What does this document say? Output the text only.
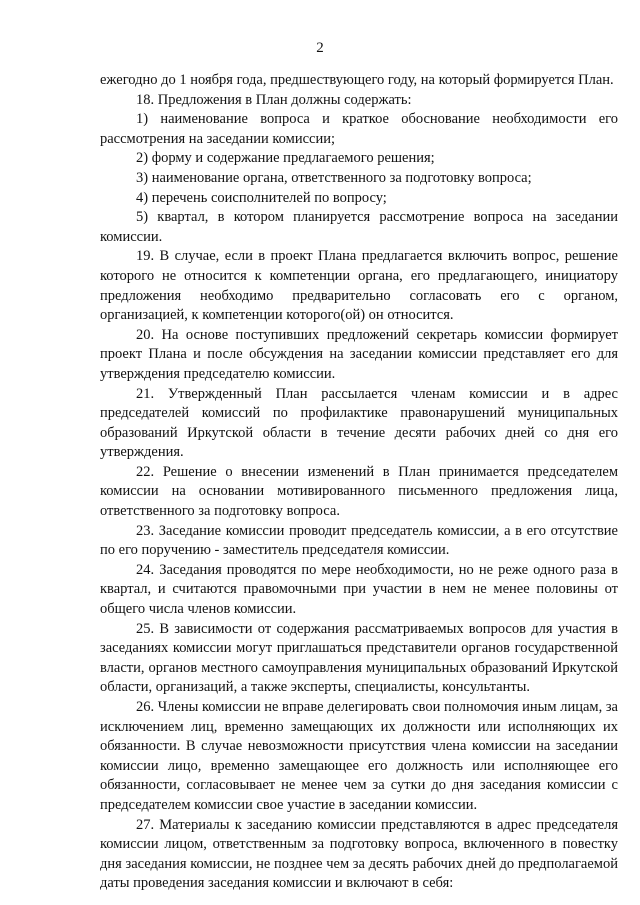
2

ежегодно до 1 ноября года, предшествующего году, на который формируется План.

18. Предложения в План должны содержать:

1) наименование вопроса и краткое обоснование необходимости его рассмотрения на заседании комиссии;

2) форму и содержание предлагаемого решения;

3) наименование органа, ответственного за подготовку вопроса;

4) перечень соисполнителей по вопросу;

5) квартал, в котором планируется рассмотрение вопроса на заседании комиссии.

19. В случае, если в проект Плана предлагается включить вопрос, решение которого не относится к компетенции органа, его предлагающего, инициатору предложения необходимо предварительно согласовать его с органом, организацией, к компетенции которого(ой) он относится.

20. На основе поступивших предложений секретарь комиссии формирует проект Плана и после обсуждения на заседании комиссии представляет его для утверждения председателю комиссии.

21. Утвержденный План рассылается членам комиссии и в адрес председателей комиссий по профилактике правонарушений муниципальных образований Иркутской области в течение десяти рабочих дней со дня его утверждения.

22. Решение о внесении изменений в План принимается председателем комиссии на основании мотивированного письменного предложения лица, ответственного за подготовку вопроса.

23. Заседание комиссии проводит председатель комиссии, а в его отсутствие по его поручению - заместитель председателя комиссии.

24. Заседания проводятся по мере необходимости, но не реже одного раза в квартал, и считаются правомочными при участии в нем не менее половины от общего числа членов комиссии.

25. В зависимости от содержания рассматриваемых вопросов для участия в заседаниях комиссии могут приглашаться представители органов государственной власти, органов местного самоуправления муниципальных образований Иркутской области, организаций, а также эксперты, специалисты, консультанты.

26. Члены комиссии не вправе делегировать свои полномочия иным лицам, за исключением лиц, временно замещающих их должности или исполняющих их обязанности. В случае невозможности присутствия члена комиссии на заседании комиссии лицо, временно замещающее его должность или исполняющее его обязанности, согласовывает не менее чем за сутки до дня заседания комиссии с председателем комиссии свое участие в заседании комиссии.

27. Материалы к заседанию комиссии представляются в адрес председателя комиссии лицом, ответственным за подготовку вопроса, включенного в повестку дня заседания комиссии, не позднее чем за десять рабочих дней до предполагаемой даты проведения заседания комиссии и включают в себя:
